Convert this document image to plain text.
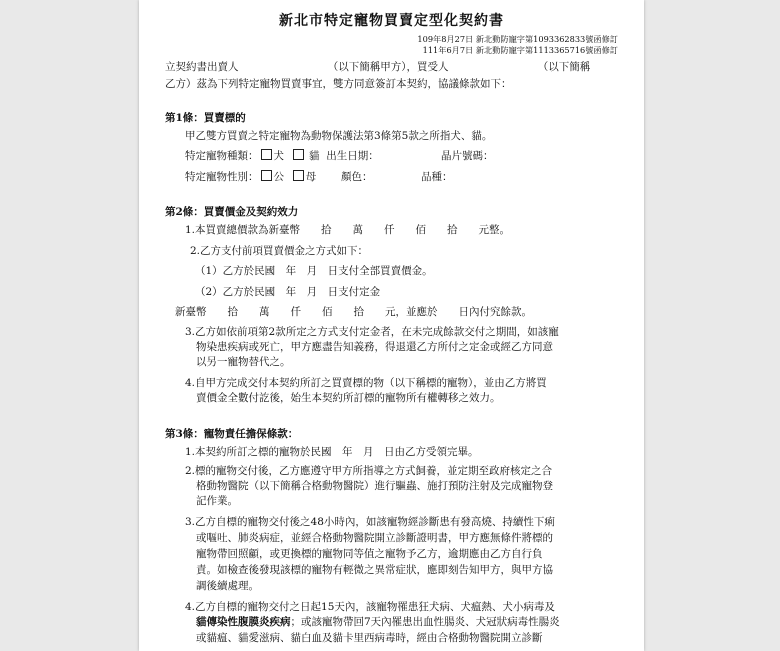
新北市特定寵物買賣定型化契約書
109年8月27日 新北動防寵字第1093362833號函修訂
111年6月7日 新北動防寵字第1113365716號函修訂
立契約書出賣人　　　　　　　　　（以下簡稱甲方），買受人　　　　　　　　　（以下簡稱
乙方）茲為下列特定寵物買賣事宜，雙方同意簽訂本契約，協議條款如下：
第1條：買賣標的
甲乙雙方買賣之特定寵物為動物保護法第3條第5款之所指犬、貓。
特定寵物種類： 犬 貓 出生日期：	晶片號碼：
特定寵物性別： 公 母 顏色：	品種：
第2條：買賣價金及契約效力
1.本買賣總價款為新臺幣　　拾　　萬　　仟　　佰　　拾　　元整。
2.乙方支付前項買賣價金之方式如下：
（1）乙方於民國　年　月　日支付全部買賣價金。
（2）乙方於民國　年　月　日支付定金
新臺幣　　拾　　萬　　仟　　佰　　拾　　元，並應於　　日內付究餘款。
3.乙方如依前項第2款所定之方式支付定金者，在未完成餘款交付之期間，如該寵
物染患疾病或死亡，甲方應盡告知義務，得退還乙方所付之定金或經乙方同意
以另一寵物替代之。
4.自甲方完成交付本契約所訂之買賣標的物（以下稱標的寵物），並由乙方將買
賣價金全數付訖後，始生本契約所訂標的寵物所有權轉移之效力。
第3條：寵物責任擔保條款：
1.本契約所訂之標的寵物於民國　年　月　日由乙方受領完畢。
2.標的寵物交付後，乙方應遵守甲方所指導之方式飼養，並定期至政府核定之合
格動物醫院（以下簡稱合格動物醫院）進行驅蟲、施打預防注射及完成寵物登
記作業。
3.乙方自標的寵物交付後之48小時內，如該寵物經診斷患有發高燒、持續性下痢
或嘔吐、肺炎病症，並經合格動物醫院開立診斷證明書，甲方應無條件將標的
寵物帶回照顧，或更換標的寵物同等值之寵物予乙方，逾期應由乙方自行負
責。如檢查後發現該標的寵物有輕微之異常症狀，應即刻告知甲方，與甲方協
調後續處理。
4.乙方自標的寵物交付之日起15天內，該寵物罹患狂犬病、犬瘟熱、犬小病毒及
貓傳染性腹膜炎疾病；或該寵物帶回7天內罹患出血性腸炎、犬冠狀病毒性腸炎
或貓瘟、貓愛滋病、貓白血及貓卡里西病毒時，經由合格動物醫院開立診斷
